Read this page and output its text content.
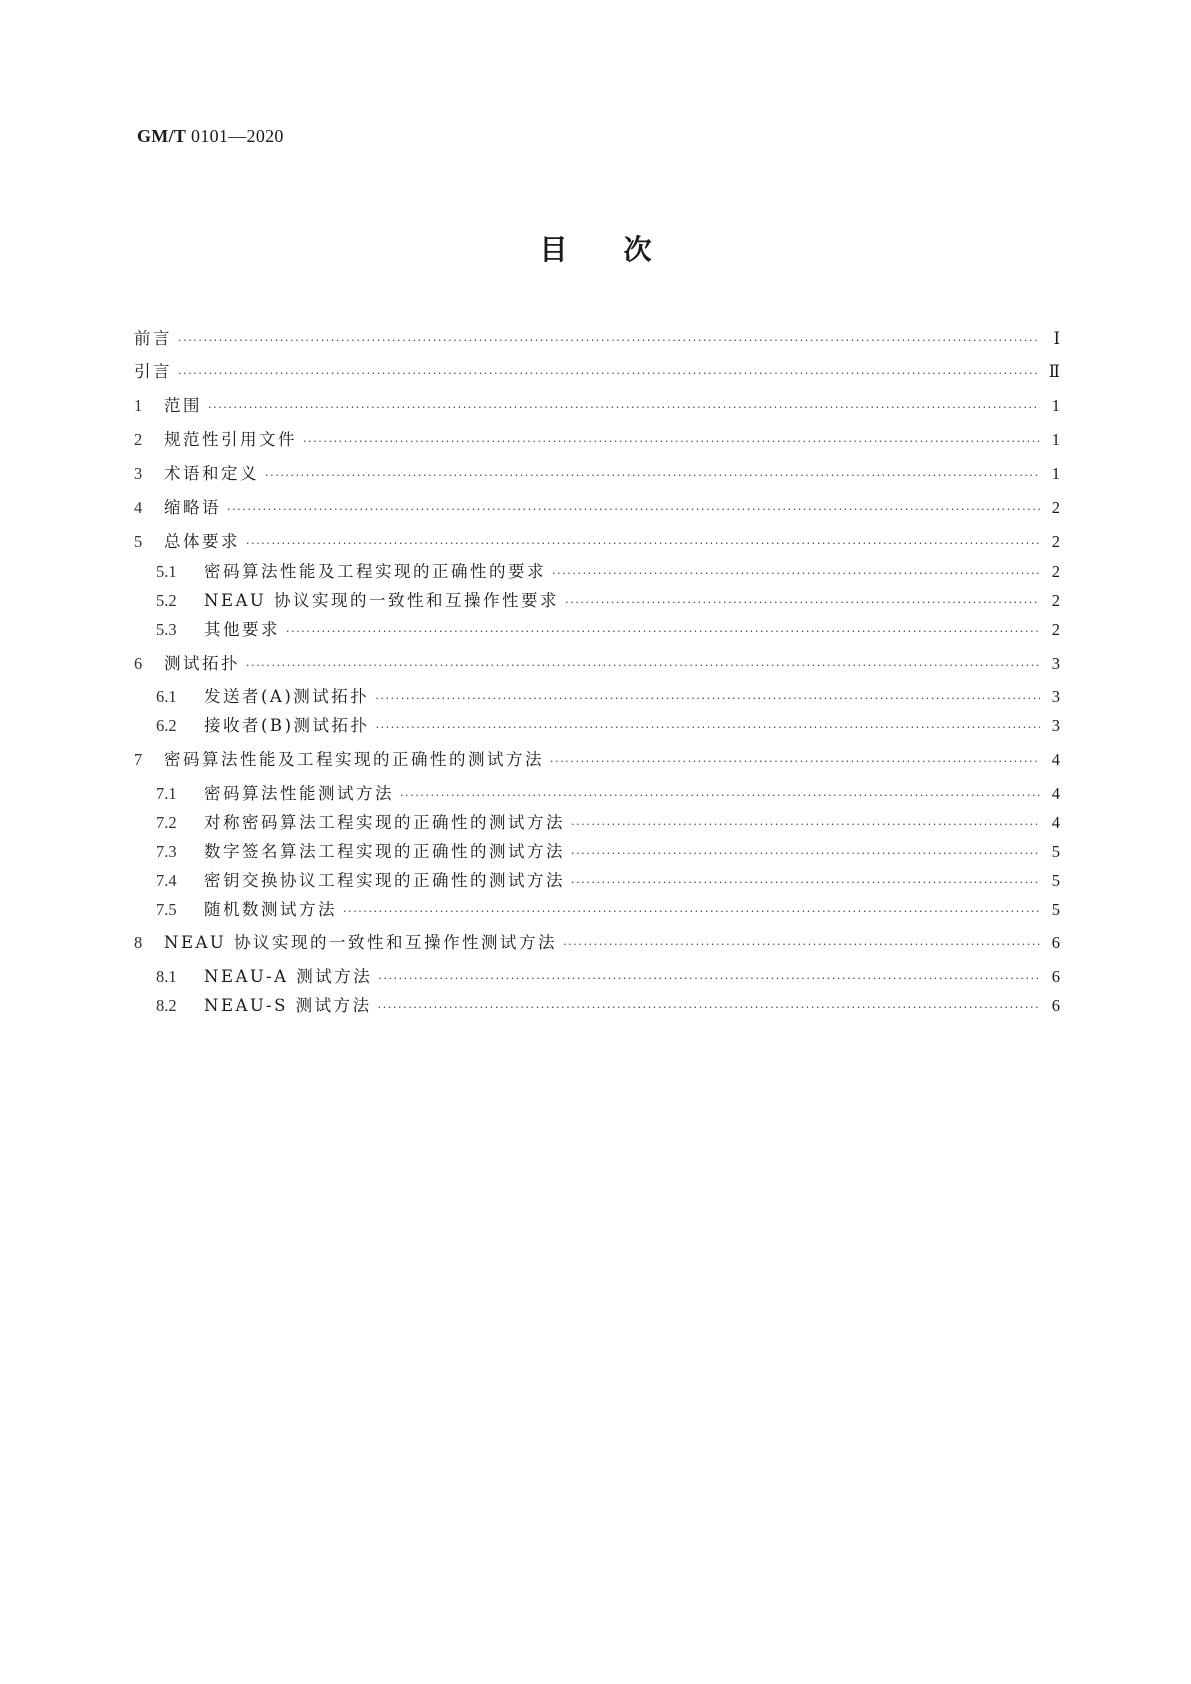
GM/T 0101—2020
目次
前言 ·····	Ⅰ
引言 ·····	Ⅱ
1	范围 ·····	1
2	规范性引用文件 ·····	1
3	术语和定义 ·····	1
4	缩略语 ·····	2
5	总体要求 ·····	2
5.1	密码算法性能及工程实现的正确性的要求 ·····	2
5.2	NEAU 协议实现的一致性和互操作性要求 ·····	2
5.3	其他要求 ·····	2
6	测试拓扑 ·····	3
6.1	发送者(A)测试拓扑 ·····	3
6.2	接收者(B)测试拓扑 ·····	3
7	密码算法性能及工程实现的正确性的测试方法 ·····	4
7.1	密码算法性能测试方法 ·····	4
7.2	对称密码算法工程实现的正确性的测试方法 ·····	4
7.3	数字签名算法工程实现的正确性的测试方法 ·····	5
7.4	密钥交换协议工程实现的正确性的测试方法 ·····	5
7.5	随机数测试方法 ·····	5
8	NEAU 协议实现的一致性和互操作性测试方法 ·····	6
8.1	NEAU-A 测试方法 ·····	6
8.2	NEAU-S 测试方法 ·····	6
